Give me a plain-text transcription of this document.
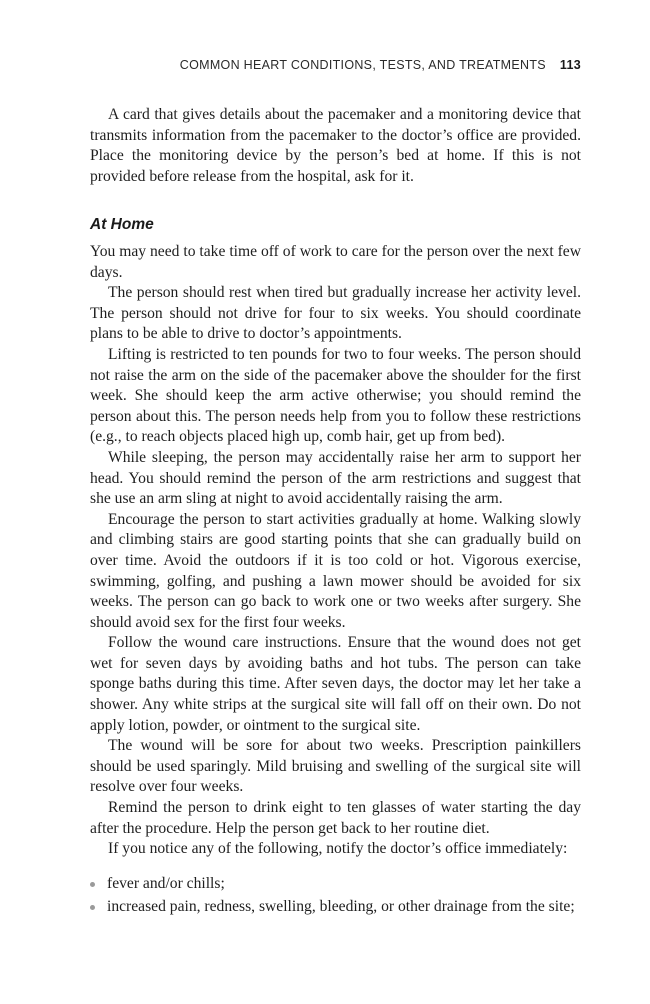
COMMON HEART CONDITIONS, TESTS, AND TREATMENTS 113

A card that gives details about the pacemaker and a monitoring device that transmits information from the pacemaker to the doctor’s office are provided. Place the monitoring device by the person’s bed at home. If this is not provided before release from the hospital, ask for it.

At Home

You may need to take time off of work to care for the person over the next few days.

The person should rest when tired but gradually increase her activity level. The person should not drive for four to six weeks. You should coordinate plans to be able to drive to doctor’s appointments.

Lifting is restricted to ten pounds for two to four weeks. The person should not raise the arm on the side of the pacemaker above the shoulder for the first week. She should keep the arm active otherwise; you should remind the person about this. The person needs help from you to follow these restrictions (e.g., to reach objects placed high up, comb hair, get up from bed).

While sleeping, the person may accidentally raise her arm to support her head. You should remind the person of the arm restrictions and suggest that she use an arm sling at night to avoid accidentally raising the arm.

Encourage the person to start activities gradually at home. Walking slowly and climbing stairs are good starting points that she can gradually build on over time. Avoid the outdoors if it is too cold or hot. Vigorous exercise, swimming, golfing, and pushing a lawn mower should be avoided for six weeks. The person can go back to work one or two weeks after surgery. She should avoid sex for the first four weeks.

Follow the wound care instructions. Ensure that the wound does not get wet for seven days by avoiding baths and hot tubs. The person can take sponge baths during this time. After seven days, the doctor may let her take a shower. Any white strips at the surgical site will fall off on their own. Do not apply lotion, powder, or ointment to the surgical site.

The wound will be sore for about two weeks. Prescription painkillers should be used sparingly. Mild bruising and swelling of the surgical site will resolve over four weeks.

Remind the person to drink eight to ten glasses of water starting the day after the procedure. Help the person get back to her routine diet.

If you notice any of the following, notify the doctor’s office immediately:

fever and/or chills;
increased pain, redness, swelling, bleeding, or other drainage from the site;
